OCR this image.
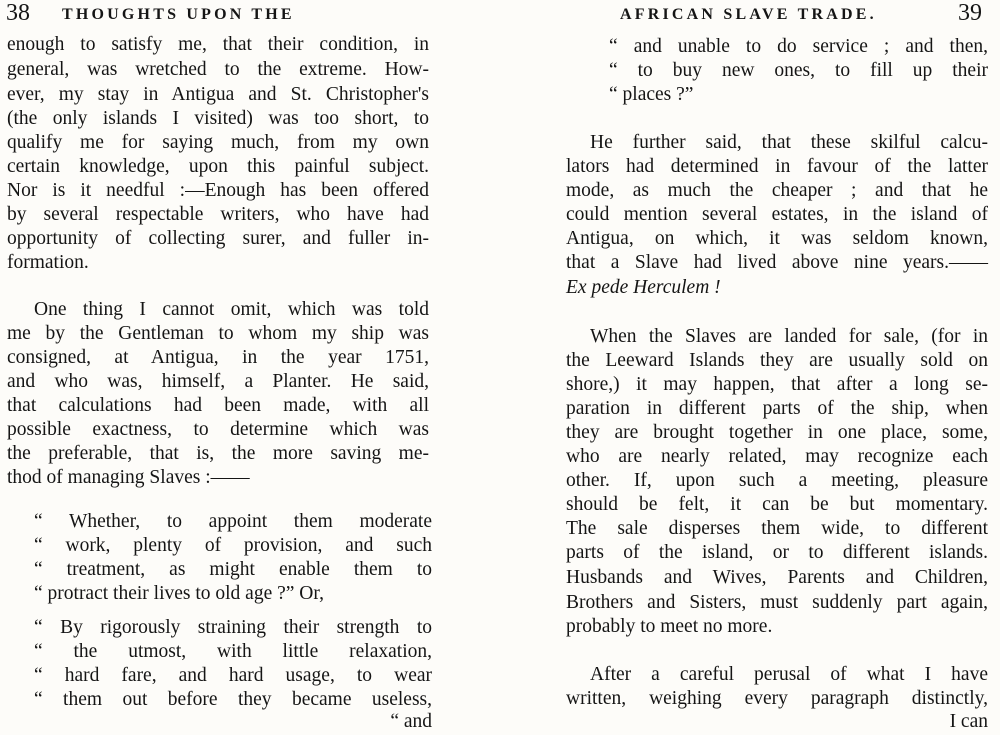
38 THOUGHTS UPON THE
enough to satisfy me, that their condition, in
general, was wretched to the extreme. How-
ever, my stay in Antigua and St. Christopher's
(the only islands I visited) was too short, to
qualify me for saying much, from my own
certain knowledge, upon this painful subject.
Nor is it needful :—Enough has been offered
by several respectable writers, who have had
opportunity of collecting surer, and fuller in-
formation.
One thing I cannot omit, which was told
me by the Gentleman to whom my ship was
consigned, at Antigua, in the year 1751,
and who was, himself, a Planter. He said,
that calculations had been made, with all
possible exactness, to determine which was
the preferable, that is, the more saving me-
thod of managing Slaves :——
“ Whether, to appoint them moderate
“ work, plenty of provision, and such
“ treatment, as might enable them to
“ protract their lives to old age ?” Or,
“ By rigorously straining their strength to
“ the utmost, with little relaxation,
“ hard fare, and hard usage, to wear
“ them out before they became useless,
“ and
AFRICAN SLAVE TRADE.	39
“ and unable to do service ; and then,
“ to buy new ones, to fill up their
“ places ?”
He further said, that these skilful calcu-
lators had determined in favour of the latter
mode, as much the cheaper ; and that he
could mention several estates, in the island of
Antigua, on which, it was seldom known,
that a Slave had lived above nine years.——
Ex pede Herculem !
When the Slaves are landed for sale, (for in
the Leeward Islands they are usually sold on
shore,) it may happen, that after a long se-
paration in different parts of the ship, when
they are brought together in one place, some,
who are nearly related, may recognize each
other. If, upon such a meeting, pleasure
should be felt, it can be but momentary.
The sale disperses them wide, to different
parts of the island, or to different islands.
Husbands and Wives, Parents and Children,
Brothers and Sisters, must suddenly part again,
probably to meet no more.
After a careful perusal of what I have
written, weighing every paragraph distinctly,
I can
